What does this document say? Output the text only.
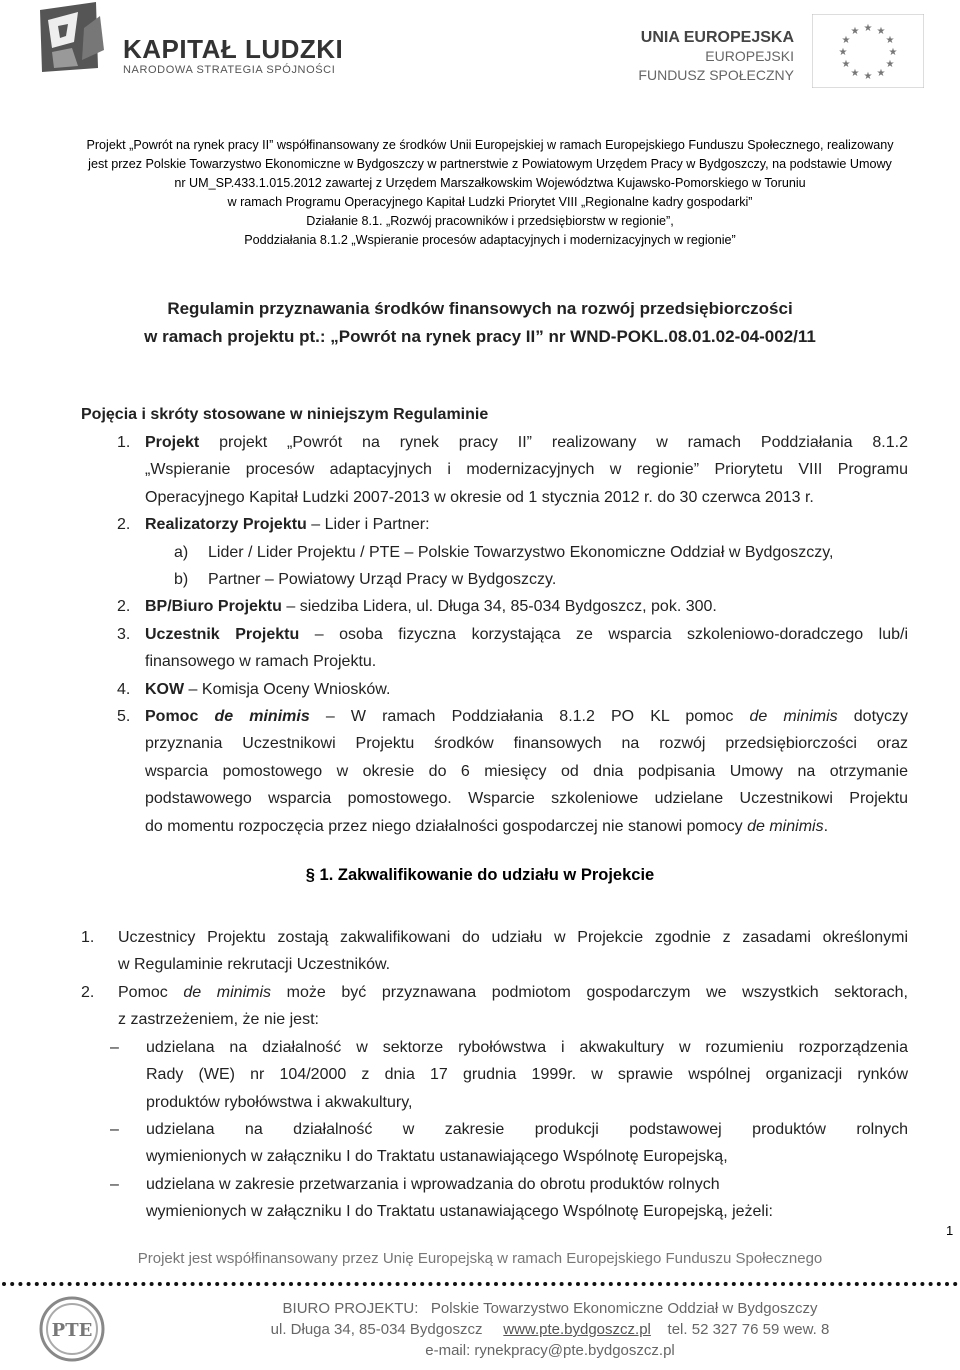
KAPITAŁ LUDZKI
NARODOWA STRATEGIA SPÓJNOŚCI
UNIA EUROPEJSKA
EUROPEJSKI
FUNDUSZ SPOŁECZNY
★ ★
★
★
★
★
★
★
★
★
★
★
Projekt „Powrót na rynek pracy II” współfinansowany ze środków Unii Europejskiej w ramach Europejskiego Funduszu Społecznego, realizowany
jest przez Polskie Towarzystwo Ekonomiczne w Bydgoszczy w partnerstwie z Powiatowym Urzędem Pracy w Bydgoszczy, na podstawie Umowy
nr UM_SP.433.1.015.2012 zawartej z Urzędem Marszałkowskim Województwa Kujawsko-Pomorskiego w Toruniu
w ramach Programu Operacyjnego Kapitał Ludzki Priorytet VIII „Regionalne kadry gospodarki”
Działanie 8.1. „Rozwój pracowników i przedsiębiorstw w regionie”,
Poddziałania 8.1.2 „Wspieranie procesów adaptacyjnych i modernizacyjnych w regionie”
Regulamin przyznawania środków finansowych na rozwój przedsiębiorczości
w ramach projektu pt.: „Powrót na rynek pracy II” nr WND-POKL.08.01.02-04-002/11
Pojęcia i skróty stosowane w niniejszym Regulaminie
1. Projekt projekt „Powrót na rynek pracy II” realizowany w ramach Poddziałania 8.1.2
„Wspieranie procesów adaptacyjnych i modernizacyjnych w regionie” Priorytetu VIII Programu
Operacyjnego Kapitał Ludzki 2007-2013 w okresie od 1 stycznia 2012 r. do 30 czerwca 2013 r.
2. Realizatorzy Projektu – Lider i Partner:
a) Lider / Lider Projektu / PTE – Polskie Towarzystwo Ekonomiczne Oddział w Bydgoszczy,
b) Partner – Powiatowy Urząd Pracy w Bydgoszczy.
2. BP/Biuro Projektu – siedziba Lidera, ul. Długa 34, 85-034 Bydgoszcz, pok. 300.
3. Uczestnik Projektu – osoba fizyczna korzystająca ze wsparcia szkoleniowo-doradczego lub/i
finansowego w ramach Projektu.
4. KOW – Komisja Oceny Wniosków.
5. Pomoc de minimis – W ramach Poddziałania 8.1.2 PO KL pomoc de minimis dotyczy
przyznania Uczestnikowi Projektu środków finansowych na rozwój przedsiębiorczości oraz
wsparcia pomostowego w okresie do 6 miesięcy od dnia podpisania Umowy na otrzymanie
podstawowego wsparcia pomostowego. Wsparcie szkoleniowe udzielane Uczestnikowi Projektu
do momentu rozpoczęcia przez niego działalności gospodarczej nie stanowi pomocy de minimis.
§ 1. Zakwalifikowanie do udziału w Projekcie
1. Uczestnicy Projektu zostają zakwalifikowani do udziału w Projekcie zgodnie z zasadami określonymi
w Regulaminie rekrutacji Uczestników.
2. Pomoc de minimis może być przyznawana podmiotom gospodarczym we wszystkich sektorach,
z zastrzeżeniem, że nie jest:
– udzielana na działalność w sektorze rybołówstwa i akwakultury w rozumieniu rozporządzenia
Rady (WE) nr 104/2000 z dnia 17 grudnia 1999r. w sprawie wspólnej organizacji rynków
produktów rybołówstwa i akwakultury,
– udzielana na działalność w zakresie produkcji podstawowej produktów rolnych
wymienionych w załączniku I do Traktatu ustanawiającego Wspólnotę Europejską,
– udzielana w zakresie przetwarzania i wprowadzania do obrotu produktów rolnych
wymienionych w załączniku I do Traktatu ustanawiającego Wspólnotę Europejską, jeżeli:
1
Projekt jest współfinansowany przez Unię Europejską w ramach Europejskiego Funduszu Społecznego
PTE
BIURO PROJEKTU: Polskie Towarzystwo Ekonomiczne Oddział w Bydgoszczy
ul. Długa 34, 85-034 Bydgoszcz www.pte.bydgoszcz.pl tel. 52 327 76 59 wew. 8
e-mail: rynekpracy@pte.bydgoszcz.pl
